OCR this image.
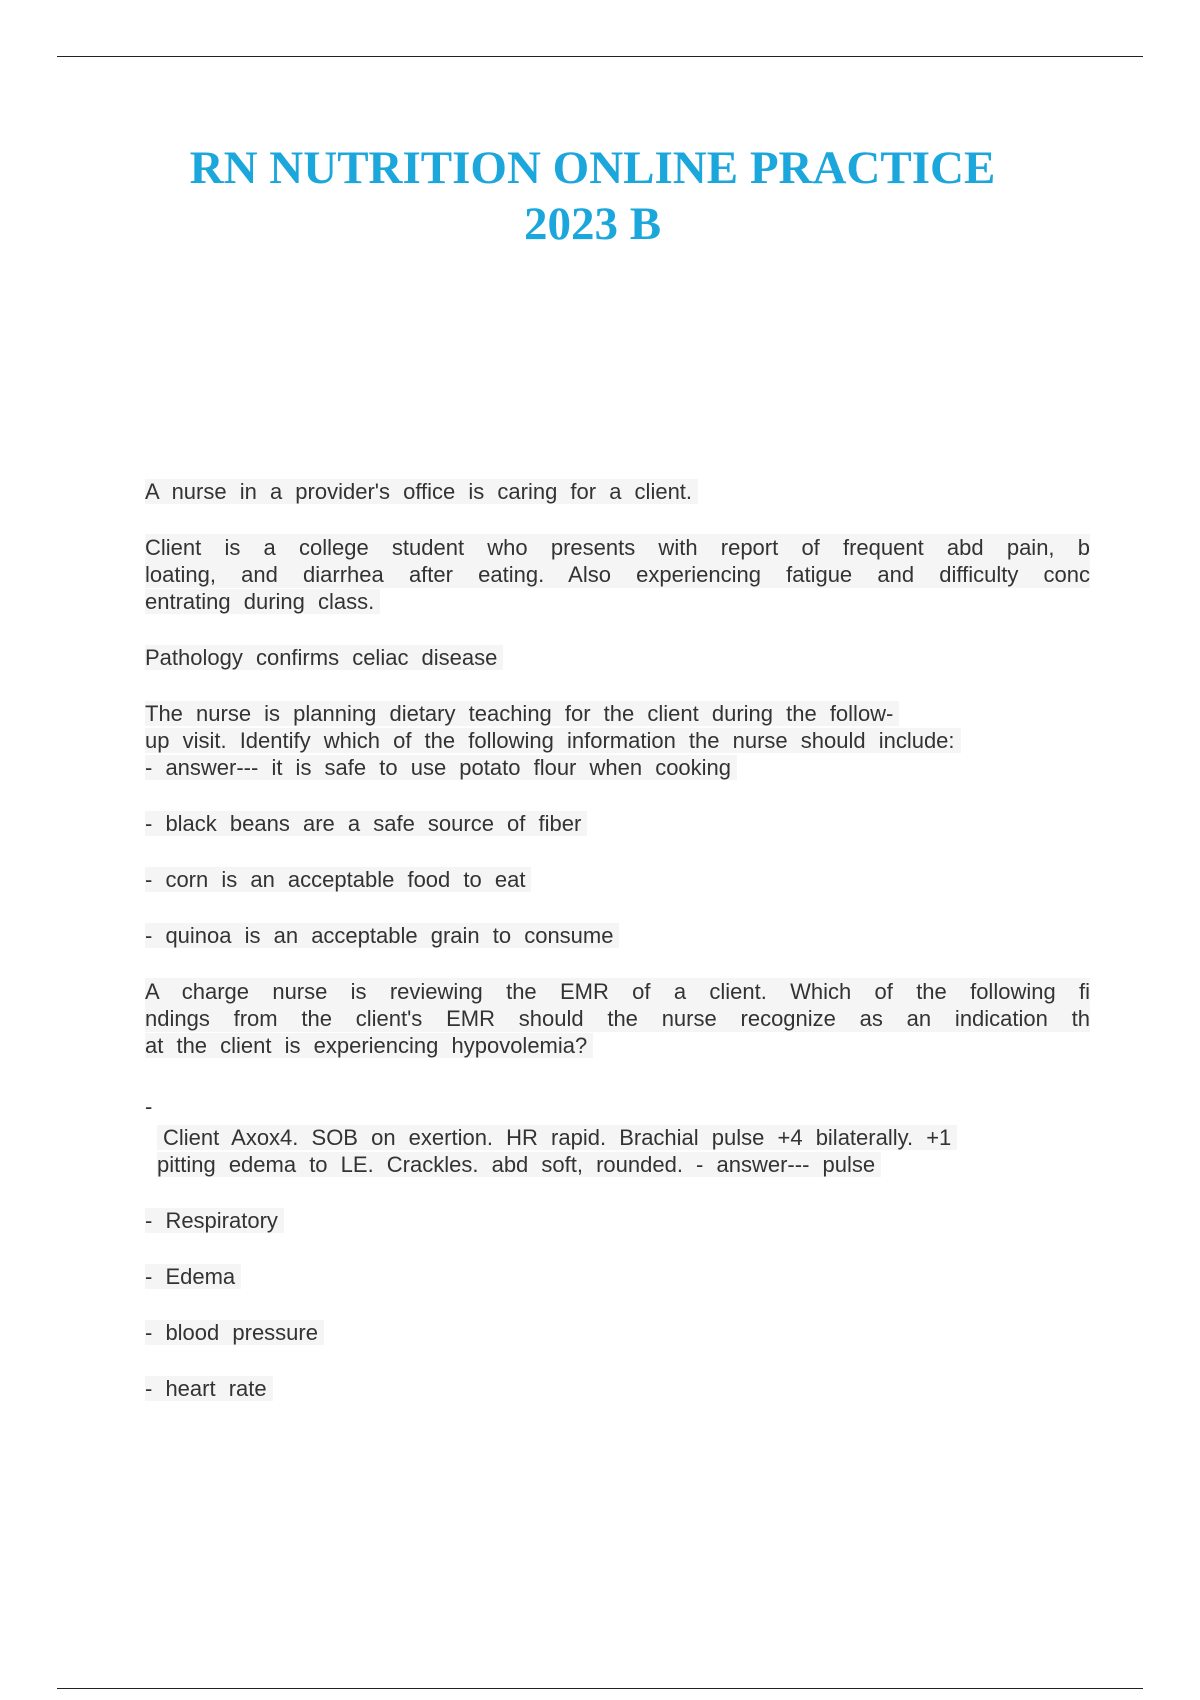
RN NUTRITION ONLINE PRACTICE
2023 B

A nurse in a provider's office is caring for a client.

Client is a college student who presents with report of frequent abd pain, b
loating, and diarrhea after eating. Also experiencing fatigue and difficulty conc
entrating during class.

Pathology confirms celiac disease

The nurse is planning dietary teaching for the client during the follow-
up visit. Identify which of the following information the nurse should include:
- answer--- it is safe to use potato flour when cooking

- black beans are a safe source of fiber

- corn is an acceptable food to eat

- quinoa is an acceptable grain to consume

A charge nurse is reviewing the EMR of a client. Which of the following fi
ndings from the client's EMR should the nurse recognize as an indication th
at the client is experiencing hypovolemia?

-

Client Axox4. SOB on exertion. HR rapid. Brachial pulse +4 bilaterally. +1
pitting edema to LE. Crackles. abd soft, rounded. - answer--- pulse

- Respiratory

- Edema

- blood pressure

- heart rate
